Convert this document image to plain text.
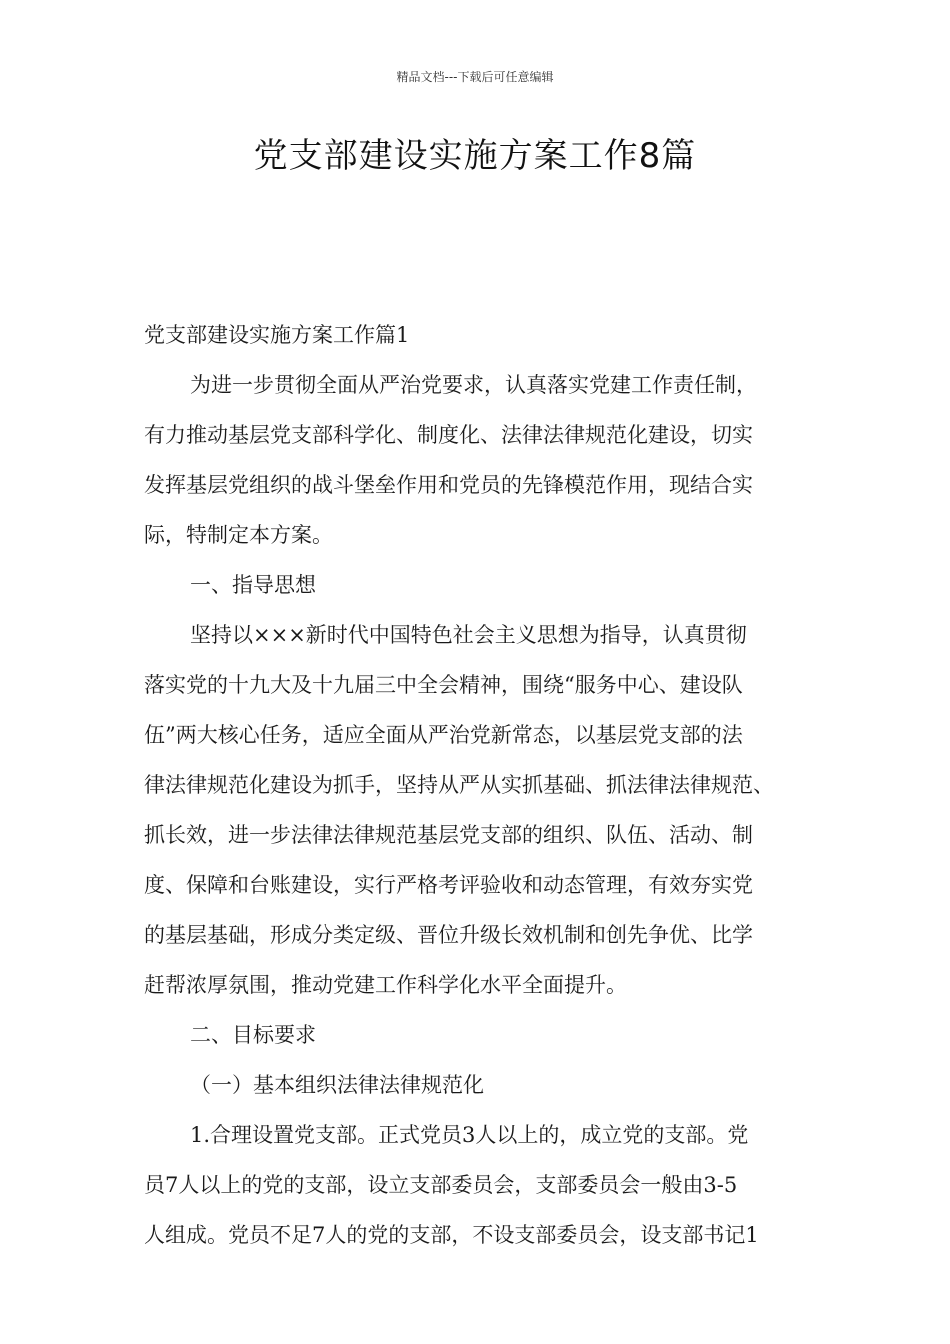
精品文档---下载后可任意编辑
党支部建设实施方案工作8篇
党支部建设实施方案工作篇1
为进一步贯彻全面从严治党要求，认真落实党建工作责任制，
有力推动基层党支部科学化、制度化、法律法律规范化建设，切实
发挥基层党组织的战斗堡垒作用和党员的先锋模范作用，现结合实
际，特制定本方案。
一、指导思想
坚持以×××新时代中国特色社会主义思想为指导，认真贯彻
落实党的十九大及十九届三中全会精神，围绕“服务中心、建设队
伍”两大核心任务，适应全面从严治党新常态，以基层党支部的法
律法律规范化建设为抓手，坚持从严从实抓基础、抓法律法律规范、
抓长效，进一步法律法律规范基层党支部的组织、队伍、活动、制
度、保障和台账建设，实行严格考评验收和动态管理，有效夯实党
的基层基础，形成分类定级、晋位升级长效机制和创先争优、比学
赶帮浓厚氛围，推动党建工作科学化水平全面提升。
二、目标要求
（一）基本组织法律法律规范化
1.合理设置党支部。正式党员3人以上的，成立党的支部。党
员7人以上的党的支部，设立支部委员会，支部委员会一般由3-5
人组成。党员不足7人的党的支部，不设支部委员会，设支部书记1
